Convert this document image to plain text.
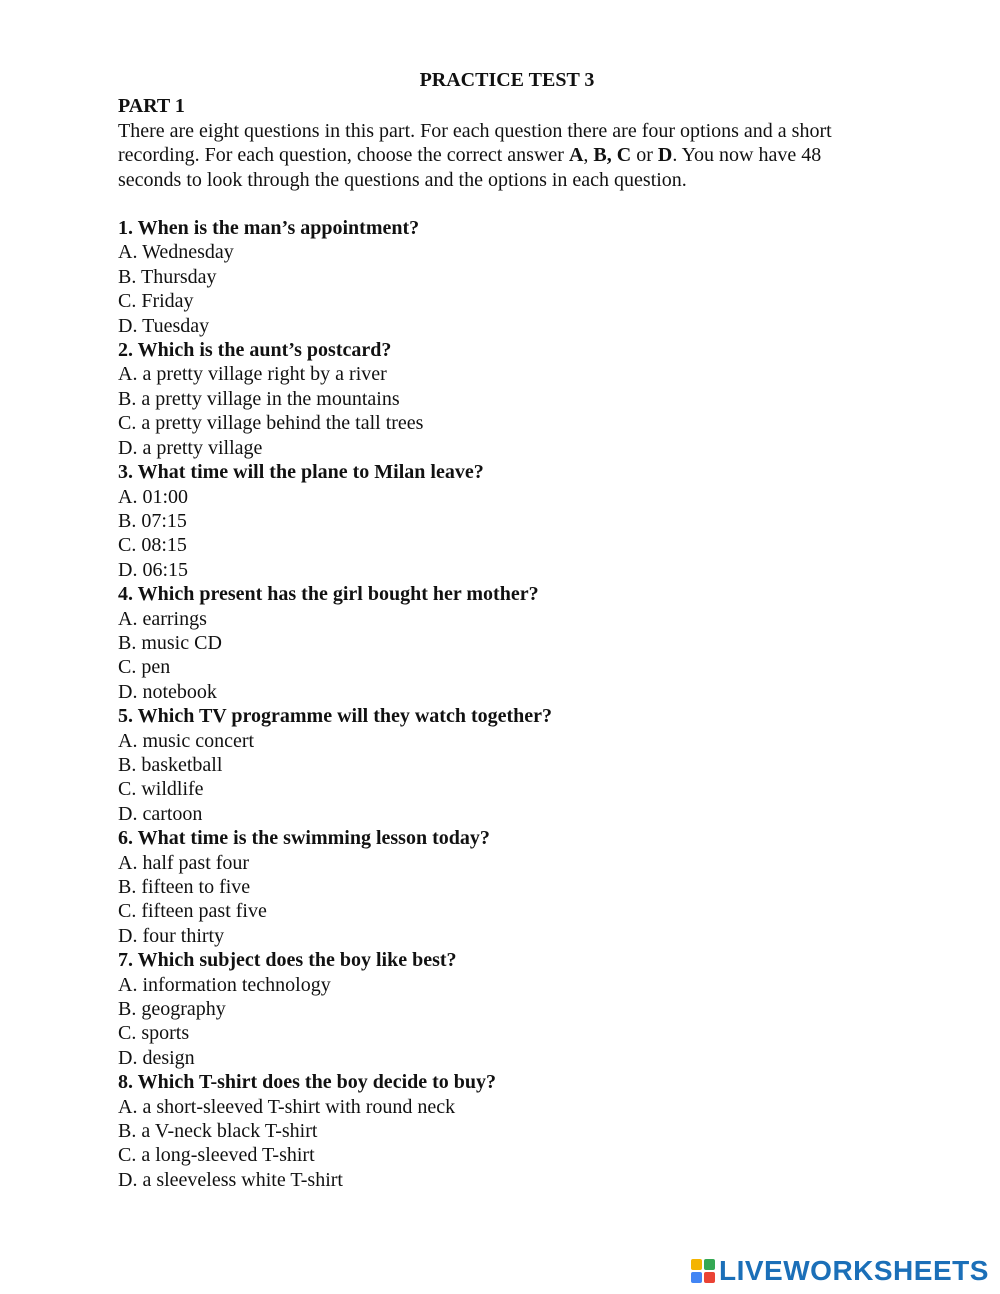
PRACTICE TEST 3

PART 1

There are eight questions in this part. For each question there are four options and a short recording. For each question, choose the correct answer A, B, C or D. You now have 48 seconds to look through the questions and the options in each question.

1. When is the man’s appointment?
A. Wednesday
B. Thursday
C. Friday
D. Tuesday
2. Which is the aunt’s postcard?
A. a pretty village right by a river
B. a pretty village in the mountains
C. a pretty village behind the tall trees
D. a pretty village
3. What time will the plane to Milan leave?
A. 01:00
B. 07:15
C. 08:15
D. 06:15
4. Which present has the girl bought her mother?
A. earrings
B. music CD
C. pen
D. notebook
5. Which TV programme will they watch together?
A. music concert
B. basketball
C. wildlife
D. cartoon
6. What time is the swimming lesson today?
A. half past four
B. fifteen to five
C. fifteen past five
D. four thirty
7. Which subject does the boy like best?
A. information technology
B. geography
C. sports
D. design
8. Which T-shirt does the boy decide to buy?
A. a short-sleeved T-shirt with round neck
B. a V-neck black T-shirt
C. a long-sleeved T-shirt
D. a sleeveless white T-shirt
LIVEWORKSHEETS
